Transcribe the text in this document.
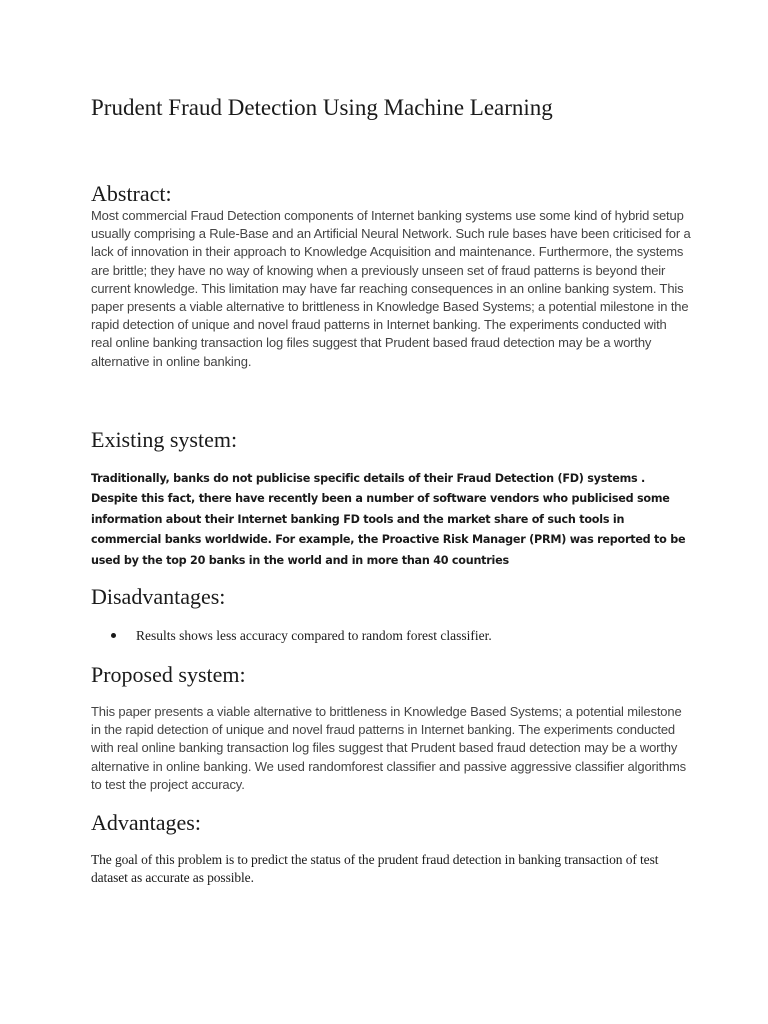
Prudent Fraud Detection Using Machine Learning
Abstract:

Most commercial Fraud Detection components of Internet banking systems use some kind of hybrid setup usually comprising a Rule-Base and an Artificial Neural Network. Such rule bases have been criticised for a lack of innovation in their approach to Knowledge Acquisition and maintenance. Furthermore, the systems are brittle; they have no way of knowing when a previously unseen set of fraud patterns is beyond their current knowledge. This limitation may have far reaching consequences in an online banking system. This paper presents a viable alternative to brittleness in Knowledge Based Systems; a potential milestone in the rapid detection of unique and novel fraud patterns in Internet banking. The experiments conducted with real online banking transaction log files suggest that Prudent based fraud detection may be a worthy alternative in online banking.

Existing system:

Traditionally, banks do not publicise specific details of their Fraud Detection (FD) systems . Despite this fact, there have recently been a number of software vendors who publicised some information about their Internet banking FD tools and the market share of such tools in commercial banks worldwide. For example, the Proactive Risk Manager (PRM) was reported to be used by the top 20 banks in the world and in more than 40 countries

Disadvantages:
Results shows less accuracy compared to random forest classifier.
Proposed system:

This paper presents a viable alternative to brittleness in Knowledge Based Systems; a potential milestone in the rapid detection of unique and novel fraud patterns in Internet banking. The experiments conducted with real online banking transaction log files suggest that Prudent based fraud detection may be a worthy alternative in online banking. We used randomforest classifier and passive aggressive classifier algorithms to test the project accuracy.

Advantages:

The goal of this problem is to predict the status of the prudent fraud detection in banking transaction of test dataset as accurate as possible.
